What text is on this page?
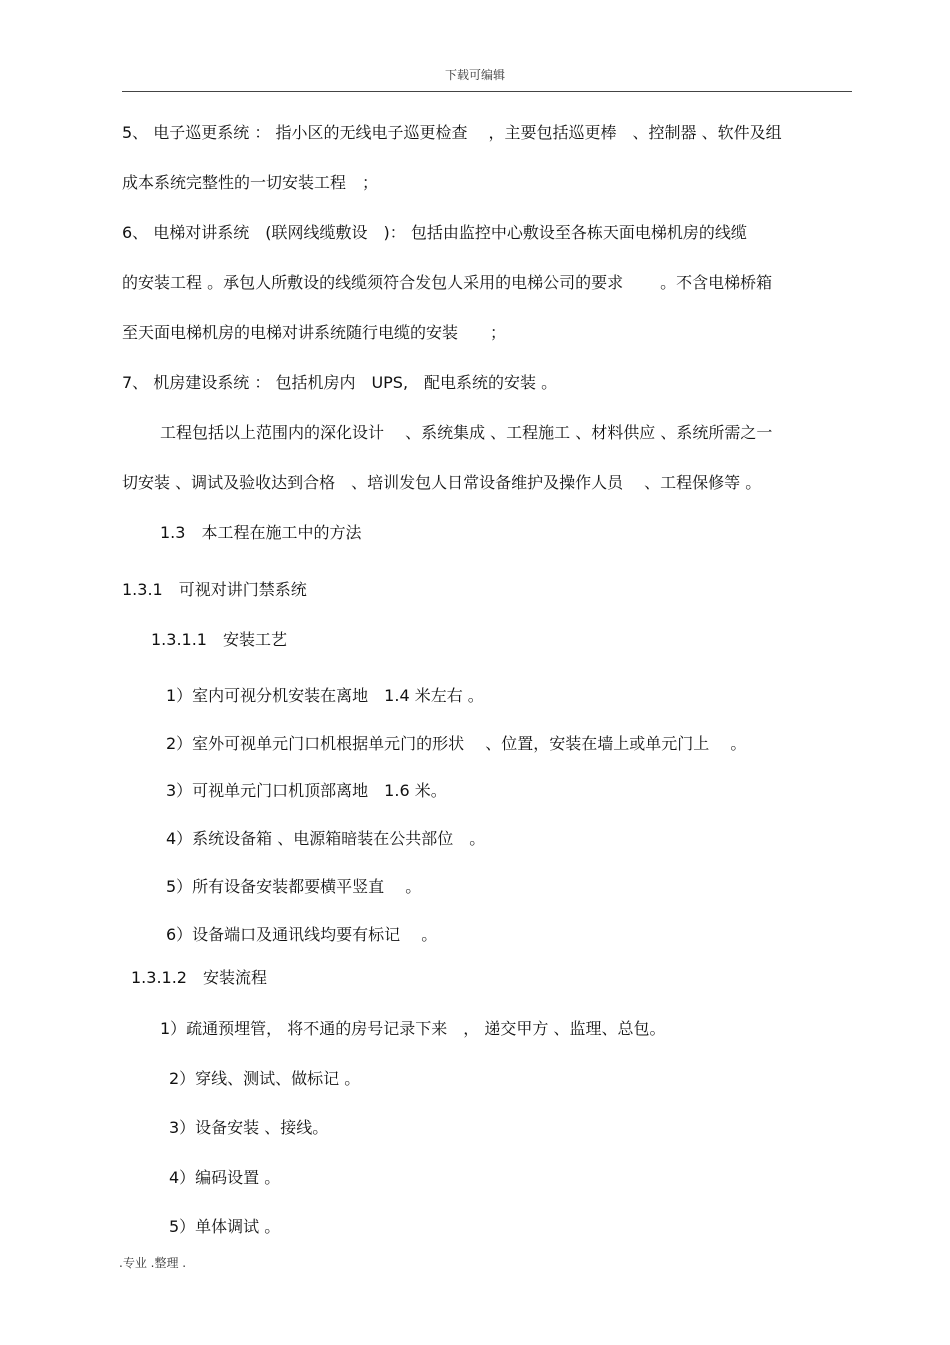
下载可编辑
5、 电子巡更系统 ： 指小区的无线电子巡更检查　 ，主要包括巡更棒　、控制器 、软件及组
成本系统完整性的一切安装工程　；
6、 电梯对讲系统　(联网线缆敷设　)： 包括由监控中心敷设至各栋天面电梯机房的线缆
的安装工程 。承包人所敷设的线缆须符合发包人采用的电梯公司的要求　　 。不含电梯桥箱
至天面电梯机房的电梯对讲系统随行电缆的安装　　；
7、 机房建设系统 ： 包括机房内　UPS,　配电系统的安装 。
工程包括以上范围内的深化设计　 、系统集成 、工程施工 、材料供应 、系统所需之一
切安装 、调试及验收达到合格　、培训发包人日常设备维护及操作人员　 、工程保修等 。
1.3　本工程在施工中的方法
1.3.1　可视对讲门禁系统
1.3.1.1　安装工艺
1）室内可视分机安装在离地　1.4 米左右 。
2）室外可视单元门口机根据单元门的形状　 、位置，安装在墙上或单元门上　 。
3）可视单元门口机顶部离地　1.6 米。
4）系统设备箱 、电源箱暗装在公共部位　。
5）所有设备安装都要横平竖直　 。
6）设备端口及通讯线均要有标记　 。
1.3.1.2　安装流程
1）疏通预埋管， 将不通的房号记录下来　， 递交甲方 、监理、总包。
2）穿线、测试、做标记 。
3）设备安装 、接线。
4）编码设置 。
5）单体调试 。
.专业 .整理 .
